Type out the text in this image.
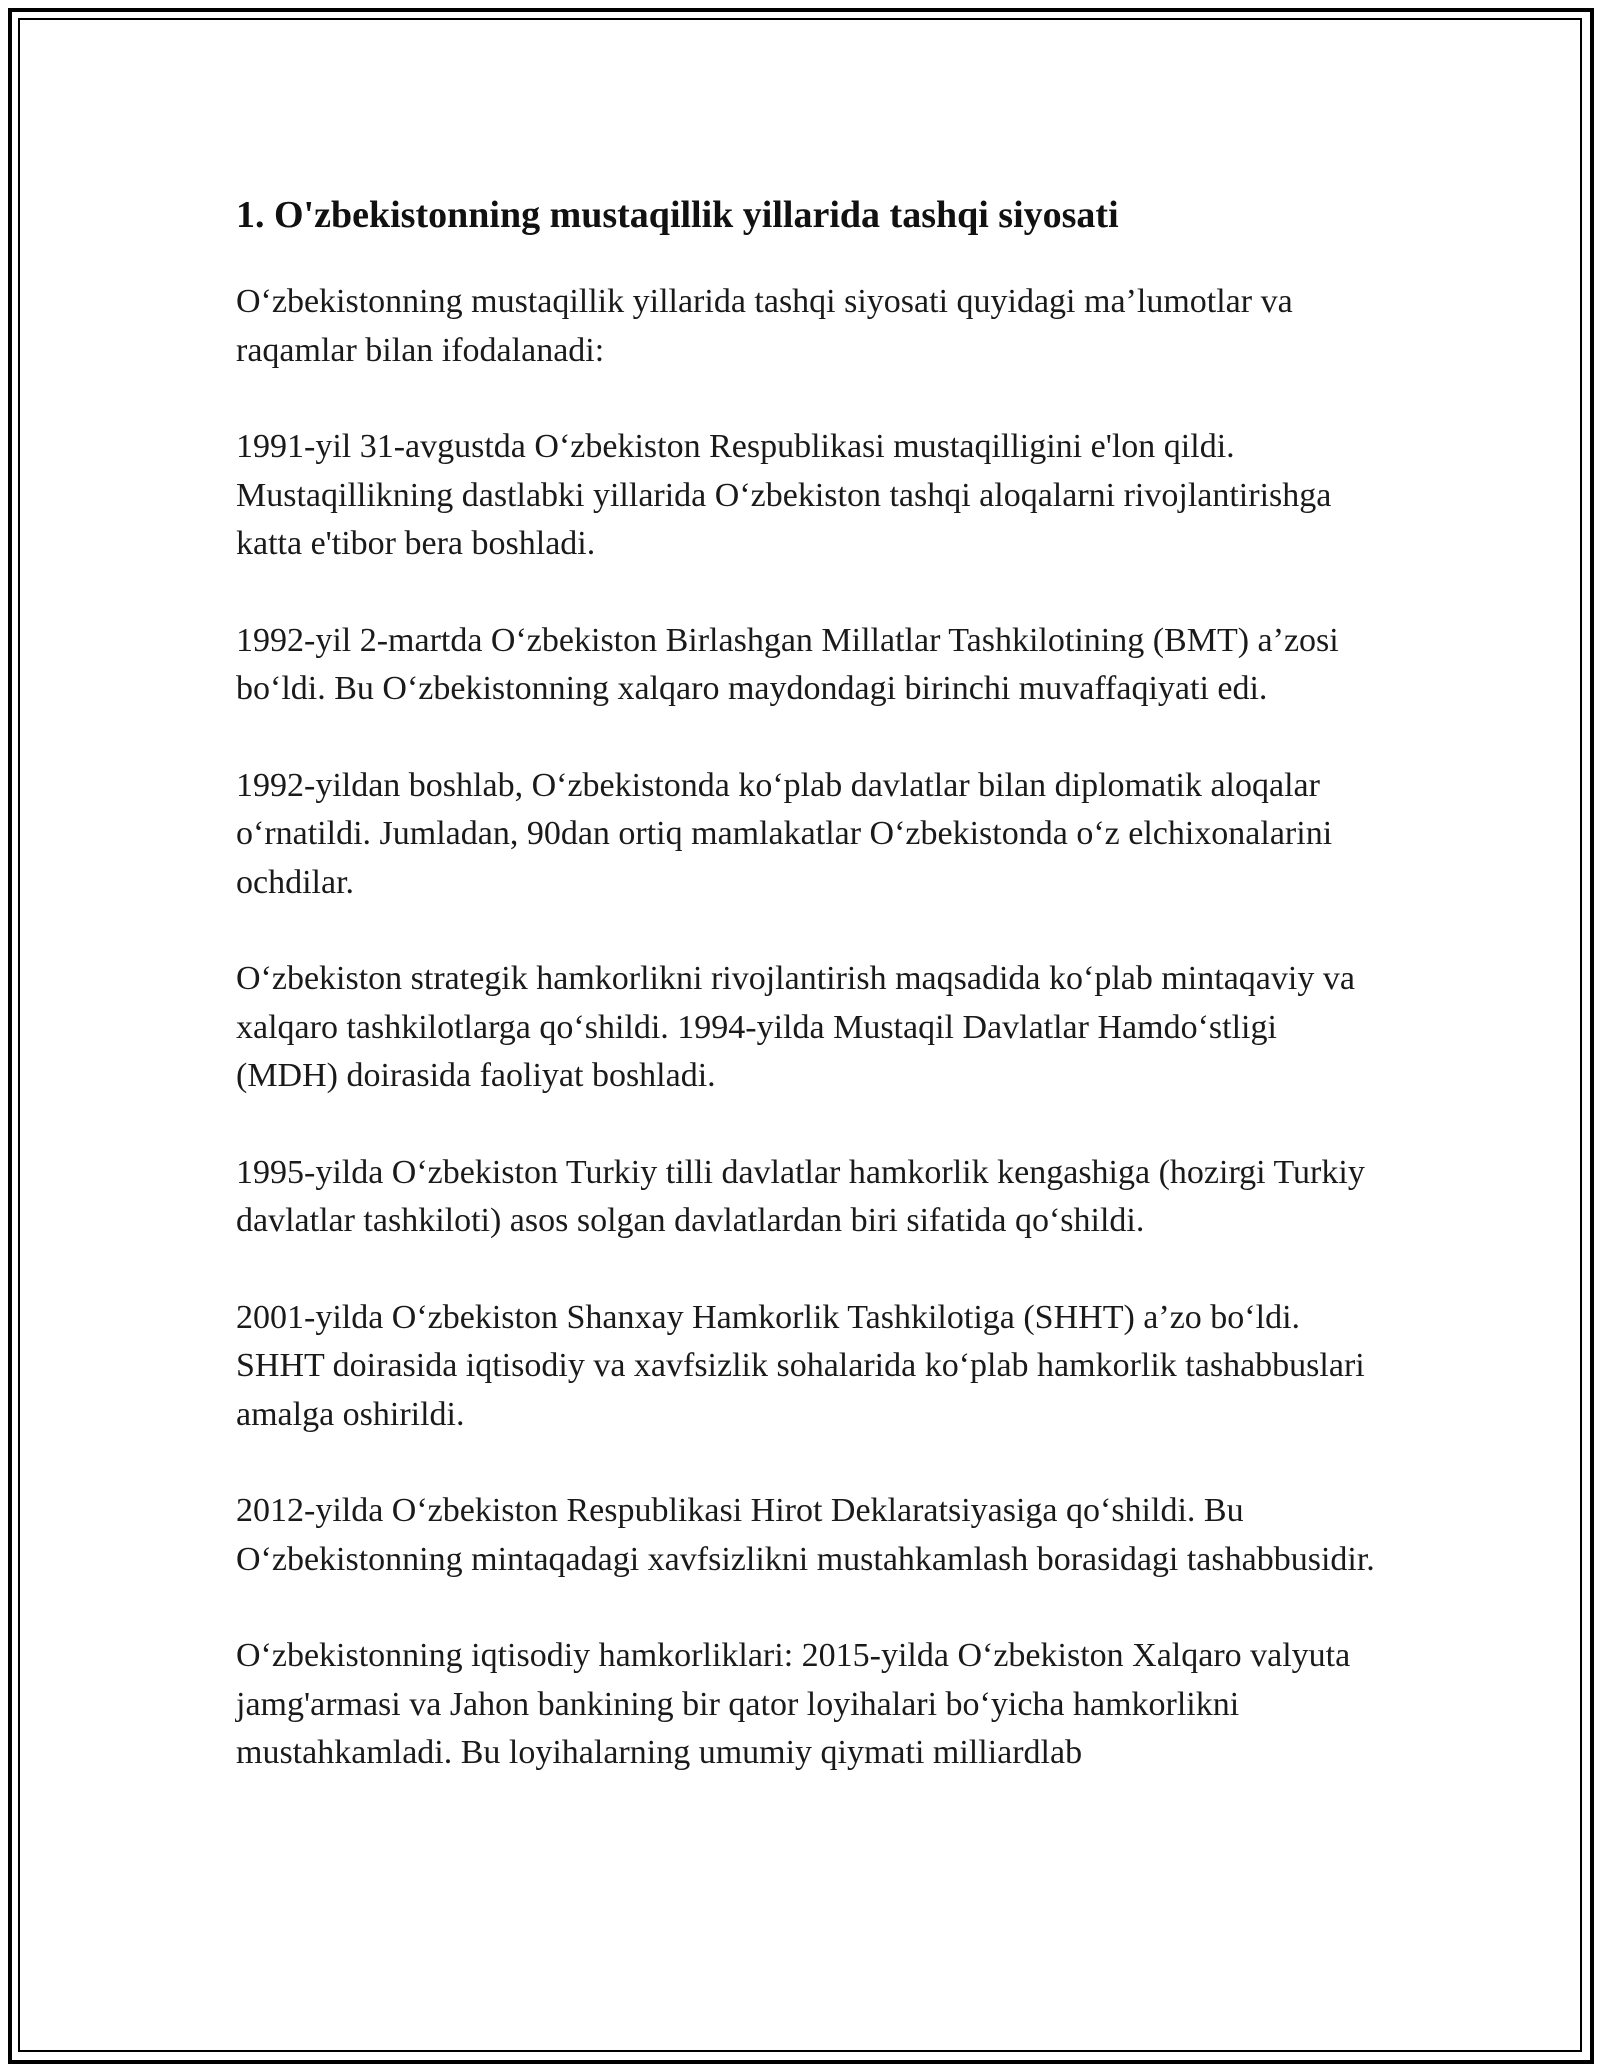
1. O'zbekistonning mustaqillik yillarida tashqi siyosati

O‘zbekistonning mustaqillik yillarida tashqi siyosati quyidagi ma’lumotlar va raqamlar bilan ifodalanadi:

1991-yil 31-avgustda O‘zbekiston Respublikasi mustaqilligini e'lon qildi. Mustaqillikning dastlabki yillarida O‘zbekiston tashqi aloqalarni rivojlantirishga katta e'tibor bera boshladi.

1992-yil 2-martda O‘zbekiston Birlashgan Millatlar Tashkilotining (BMT) a’zosi bo‘ldi. Bu O‘zbekistonning xalqaro maydondagi birinchi muvaffaqiyati edi.

1992-yildan boshlab, O‘zbekistonda ko‘plab davlatlar bilan diplomatik aloqalar o‘rnatildi. Jumladan, 90dan ortiq mamlakatlar O‘zbekistonda o‘z elchixonalarini ochdilar.

O‘zbekiston strategik hamkorlikni rivojlantirish maqsadida ko‘plab mintaqaviy va xalqaro tashkilotlarga qo‘shildi. 1994-yilda Mustaqil Davlatlar Hamdo‘stligi (MDH) doirasida faoliyat boshladi.

1995-yilda O‘zbekiston Turkiy tilli davlatlar hamkorlik kengashiga (hozirgi Turkiy davlatlar tashkiloti) asos solgan davlatlardan biri sifatida qo‘shildi.

2001-yilda O‘zbekiston Shanxay Hamkorlik Tashkilotiga (SHHT) a’zo bo‘ldi. SHHT doirasida iqtisodiy va xavfsizlik sohalarida ko‘plab hamkorlik tashabbuslari amalga oshirildi.

2012-yilda O‘zbekiston Respublikasi Hirot Deklaratsiyasiga qo‘shildi. Bu O‘zbekistonning mintaqadagi xavfsizlikni mustahkamlash borasidagi tashabbusidir.

O‘zbekistonning iqtisodiy hamkorliklari: 2015-yilda O‘zbekiston Xalqaro valyuta jamg'armasi va Jahon bankining bir qator loyihalari bo‘yicha hamkorlikni mustahkamladi. Bu loyihalarning umumiy qiymati milliardlab
